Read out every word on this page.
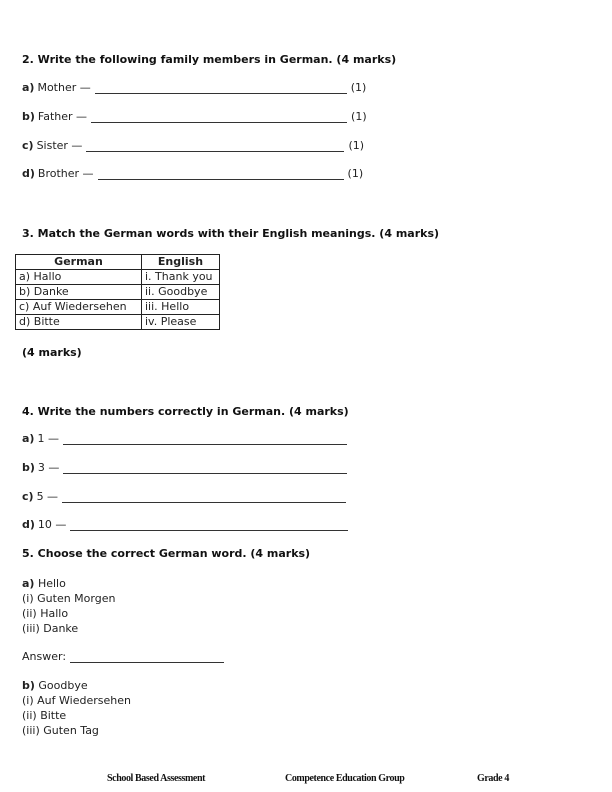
2. Write the following family members in German. (4 marks)
a) Mother —	(1)
b) Father —	(1)
c) Sister —	(1)
d) Brother —	(1)
3. Match the German words with their English meanings. (4 marks)
German	English
a) Hallo	i. Thank you
b) Danke	ii. Goodbye
c) Auf Wiedersehen	iii. Hello
d) Bitte	iv. Please
(4 marks)
4. Write the numbers correctly in German. (4 marks)
a) 1 —
b) 3 —
c) 5 —
d) 10 —
5. Choose the correct German word. (4 marks)
a) Hello
(i) Guten Morgen
(ii) Hallo
(iii) Danke
Answer:
b) Goodbye
(i) Auf Wiedersehen
(ii) Bitte
(iii) Guten Tag
School Based Assessment	Competence Education Group	Grade 4
